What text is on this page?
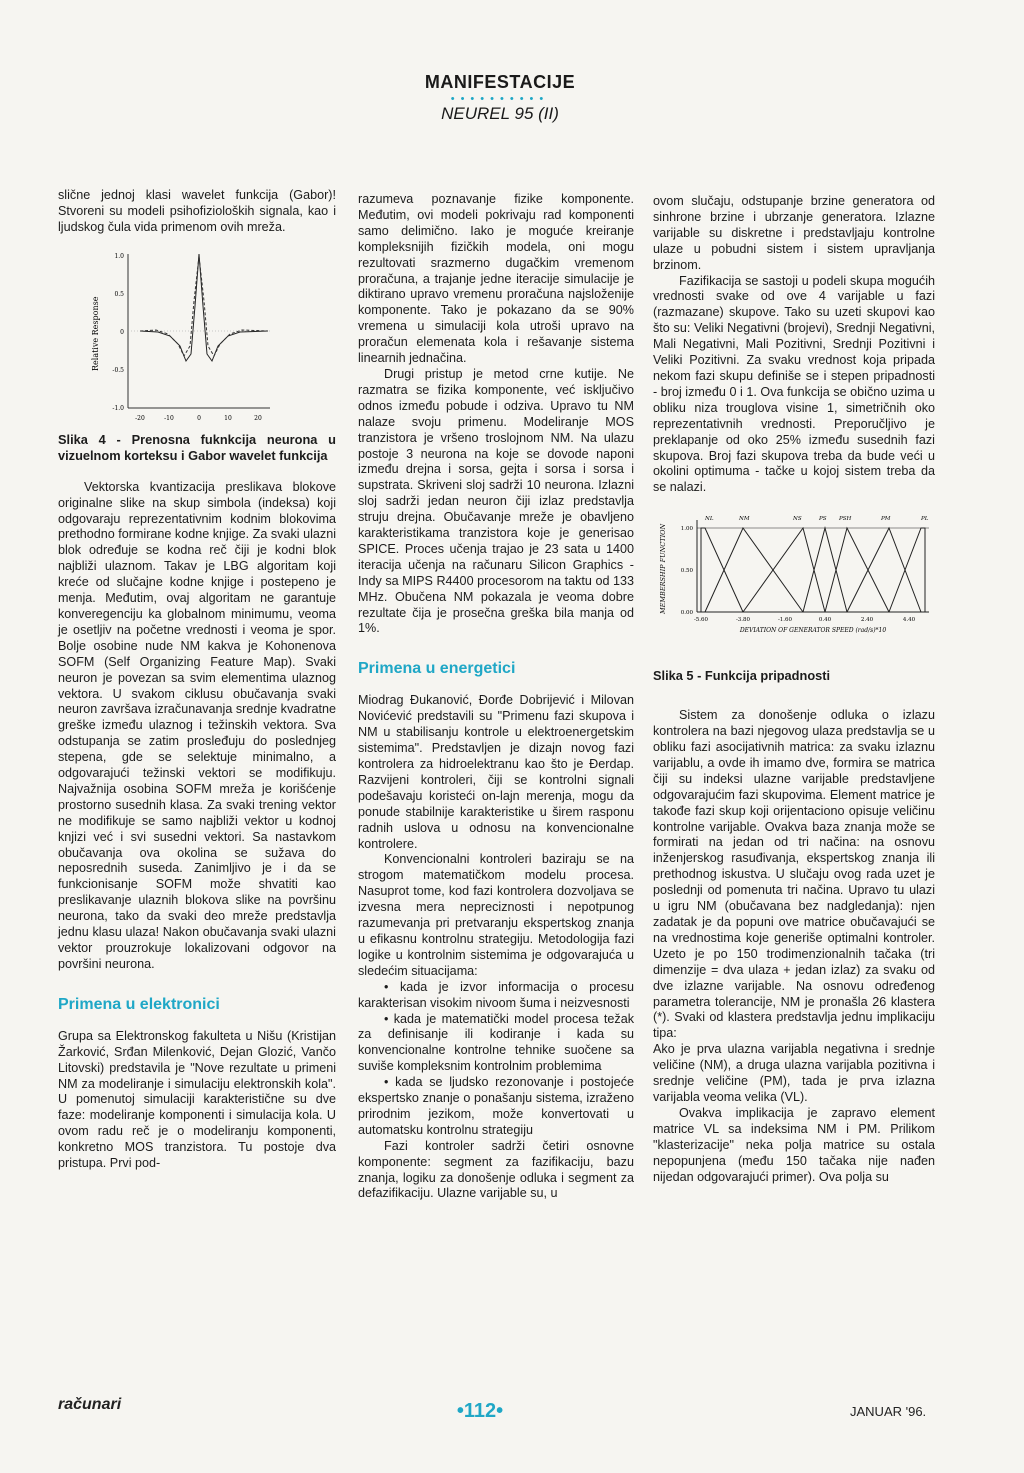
MANIFESTACIJE
••••••••••
NEUREL 95 (II)

slične jednoj klasi wavelet funkcija (Gabor)! Stvoreni su modeli psihofizioloških signala, kao i ljudskog čula vida primenom ovih mreža.

Relative Response
1.0
0.5
0
-0.5
-1.0
-20	-10	0	10	20

Slika 4 - Prenosna fuknkcija neurona u vizuelnom korteksu i Gabor wavelet funkcija

Vektorska kvantizacija preslikava blokove originalne slike na skup simbola (indeksa) koji odgovaraju reprezentativnim kodnim blokovima prethodno formirane kodne knjige. Za svaki ulazni blok određuje se kodna reč čiji je kodni blok najbliži ulaznom. Takav je LBG algoritam koji kreće od slučajne kodne knjige i postepeno je menja. Međutim, ovaj algoritam ne garantuje konveregenciju ka globalnom minimumu, veoma je osetljiv na početne vrednosti i veoma je spor. Bolje osobine nude NM kakva je Kohonenova SOFM (Self Organizing Feature Map). Svaki neuron je povezan sa svim elementima ulaznog vektora. U svakom ciklusu obučavanja svaki neuron završava izračunavanja srednje kvadratne greške između ulaznog i težinskih vektora. Sva odstupanja se zatim prosleđuju do poslednjeg stepena, gde se selektuje minimalno, a odgovarajući težinski vektori se modifikuju. Najvažnija osobina SOFM mreža je korišćenje prostorno susednih klasa. Za svaki trening vektor ne modifikuje se samo najbliži vektor u kodnoj knjizi već i svi susedni vektori. Sa nastavkom obučavanja ova okolina se sužava do neposrednih suseda. Zanimljivo je i da se funkcionisanje SOFM može shvatiti kao preslikavanje ulaznih blokova slike na površinu neurona, tako da svaki deo mreže predstavlja jednu klasu ulaza! Nakon obučavanja svaki ulazni vektor prouzrokuje lokalizovani odgovor na površini neurona.

Primena u elektronici

Grupa sa Elektronskog fakulteta u Nišu (Kristijan Žarković, Srđan Milenković, Dejan Glozić, Vančo Litovski) predstavila je "Nove rezultate u primeni NM za modeliranje i simulaciju elektronskih kola". U pomenutoj simulaciji karakteristične su dve faze: modeliranje komponenti i simulacija kola. U ovom radu reč je o modeliranju komponenti, konkretno MOS tranzistora. Tu postoje dva pristupa. Prvi pod-

razumeva poznavanje fizike komponente. Međutim, ovi modeli pokrivaju rad komponenti samo delimično. Iako je moguće kreiranje kompleksnijih fizičkih modela, oni mogu rezultovati srazmerno dugačkim vremenom proračuna, a trajanje jedne iteracije simulacije je diktirano upravo vremenu proračuna najsloženije komponente. Tako je pokazano da se 90% vremena u simulaciji kola utroši upravo na proračun elemenata kola i rešavanje sistema linearnih jednačina.

Drugi pristup je metod crne kutije. Ne razmatra se fizika komponente, već isključivo odnos između pobude i odziva. Upravo tu NM nalaze svoju primenu. Modeliranje MOS tranzistora je vršeno troslojnom NM. Na ulazu postoje 3 neurona na koje se dovode naponi između drejna i sorsa, gejta i sorsa i sorsa i supstrata. Skriveni sloj sadrži 10 neurona. Izlazni sloj sadrži jedan neuron čiji izlaz predstavlja struju drejna. Obučavanje mreže je obavljeno karakteristikama tranzistora koje je generisao SPICE. Proces učenja trajao je 23 sata u 1400 iteracija učenja na računaru Silicon Graphics - Indy sa MIPS R4400 procesorom na taktu od 133 MHz. Obučena NM pokazala je veoma dobre rezultate čija je prosečna greška bila manja od 1%.

Primena u energetici

Miodrag Đukanović, Đorđe Dobrijević i Milovan Novićević predstavili su "Primenu fazi skupova i NM u stabilisanju kontrole u elektroenergetskim sistemima". Predstavljen je dizajn novog fazi kontrolera za hidroelektranu kao što je Đerdap. Razvijeni kontroleri, čiji se kontrolni signali podešavaju koristeći on-lajn merenja, mogu da ponude stabilnije karakteristike u širem rasponu radnih uslova u odnosu na konvencionalne kontrolere.

Konvencionalni kontroleri baziraju se na strogom matematičkom modelu procesa. Nasuprot tome, kod fazi kontrolera dozvoljava se izvesna mera nepreciznosti i nepotpunog razumevanja pri pretvaranju ekspertskog znanja u efikasnu kontrolnu strategiju. Metodologija fazi logike u kontrolnim sistemima je odgovarajuća u sledećim situacijama:

• kada je izvor informacija o procesu karakterisan visokim nivoom šuma i neizvesnosti

• kada je matematički model procesa težak za definisanje ili kodiranje i kada su konvencionalne kontrolne tehnike suočene sa suviše kompleksnim kontrolnim problemima

• kada se ljudsko rezonovanje i postojeće ekspertsko znanje o ponašanju sistema, izraženo prirodnim jezikom, može konvertovati u automatsku kontrolnu strategiju

Fazi kontroler sadrži četiri osnovne komponente: segment za fazifikaciju, bazu znanja, logiku za donošenje odluka i segment za defazifikaciju. Ulazne varijable su, u

ovom slučaju, odstupanje brzine generatora od sinhrone brzine i ubrzanje generatora. Izlazne varijable su diskretne i predstavljaju kontrolne ulaze u pobudni sistem i sistem upravljanja brzinom.

Fazifikacija se sastoji u podeli skupa mogućih vrednosti svake od ove 4 varijable u fazi (razmazane) skupove. Tako su uzeti skupovi kao što su: Veliki Negativni (brojevi), Srednji Negativni, Mali Negativni, Mali Pozitivni, Srednji Pozitivni i Veliki Pozitivni. Za svaku vrednost koja pripada nekom fazi skupu definiše se i stepen pripadnosti - broj između 0 i 1. Ova funkcija se obično uzima u obliku niza trouglova visine 1, simetričnih oko reprezentativnih vrednosti. Preporučljivo je preklapanje od oko 25% između susednih fazi skupova. Broj fazi skupova treba da bude veći u okolini optimuma - tačke u kojoj sistem treba da se nalazi.

MEMBERSHIP FUNCTION	1.00
0.50
0.00
NL	NM	NS	PS PSH	PM	PL
-5.60	-3.80	-1.60	0.40	2.40	4.40
DEVIATION OF GENERATOR SPEED (rad/s)*10

Slika 5 - Funkcija pripadnosti

Sistem za donošenje odluka o izlazu kontrolera na bazi njegovog ulaza predstavlja se u obliku fazi asocijativnih matrica: za svaku izlaznu varijablu, a ovde ih imamo dve, formira se matrica čiji su indeksi ulazne varijable predstavljene odgovarajućim fazi skupovima. Element matrice je takođe fazi skup koji orijentaciono opisuje veličinu kontrolne varijable. Ovakva baza znanja može se formirati na jedan od tri načina: na osnovu inženjerskog rasuđivanja, ekspertskog znanja ili prethodnog iskustva. U slučaju ovog rada uzet je poslednji od pomenuta tri načina. Upravo tu ulazi u igru NM (obučavana bez nadgledanja): njen zadatak je da popuni ove matrice obučavajući se na vrednostima koje generiše optimalni kontroler. Uzeto je po 150 trodimenzionalnih tačaka (tri dimenzije = dva ulaza + jedan izlaz) za svaku od dve izlazne varijable. Na osnovu određenog parametra tolerancije, NM je pronašla 26 klastera (*). Svaki od klastera predstavlja jednu implikaciju tipa:

Ako je prva ulazna varijabla negativna i srednje veličine (NM), a druga ulazna varijabla pozitivna i srednje veličine (PM), tada je prva izlazna varijabla veoma velika (VL).

Ovakva implikacija je zapravo element matrice VL sa indeksima NM i PM. Prilikom "klasterizacije" neka polja matrice su ostala nepopunjena (među 150 tačaka nije nađen nijedan odgovarajući primer). Ova polja su

računari	•112•	JANUAR '96.
